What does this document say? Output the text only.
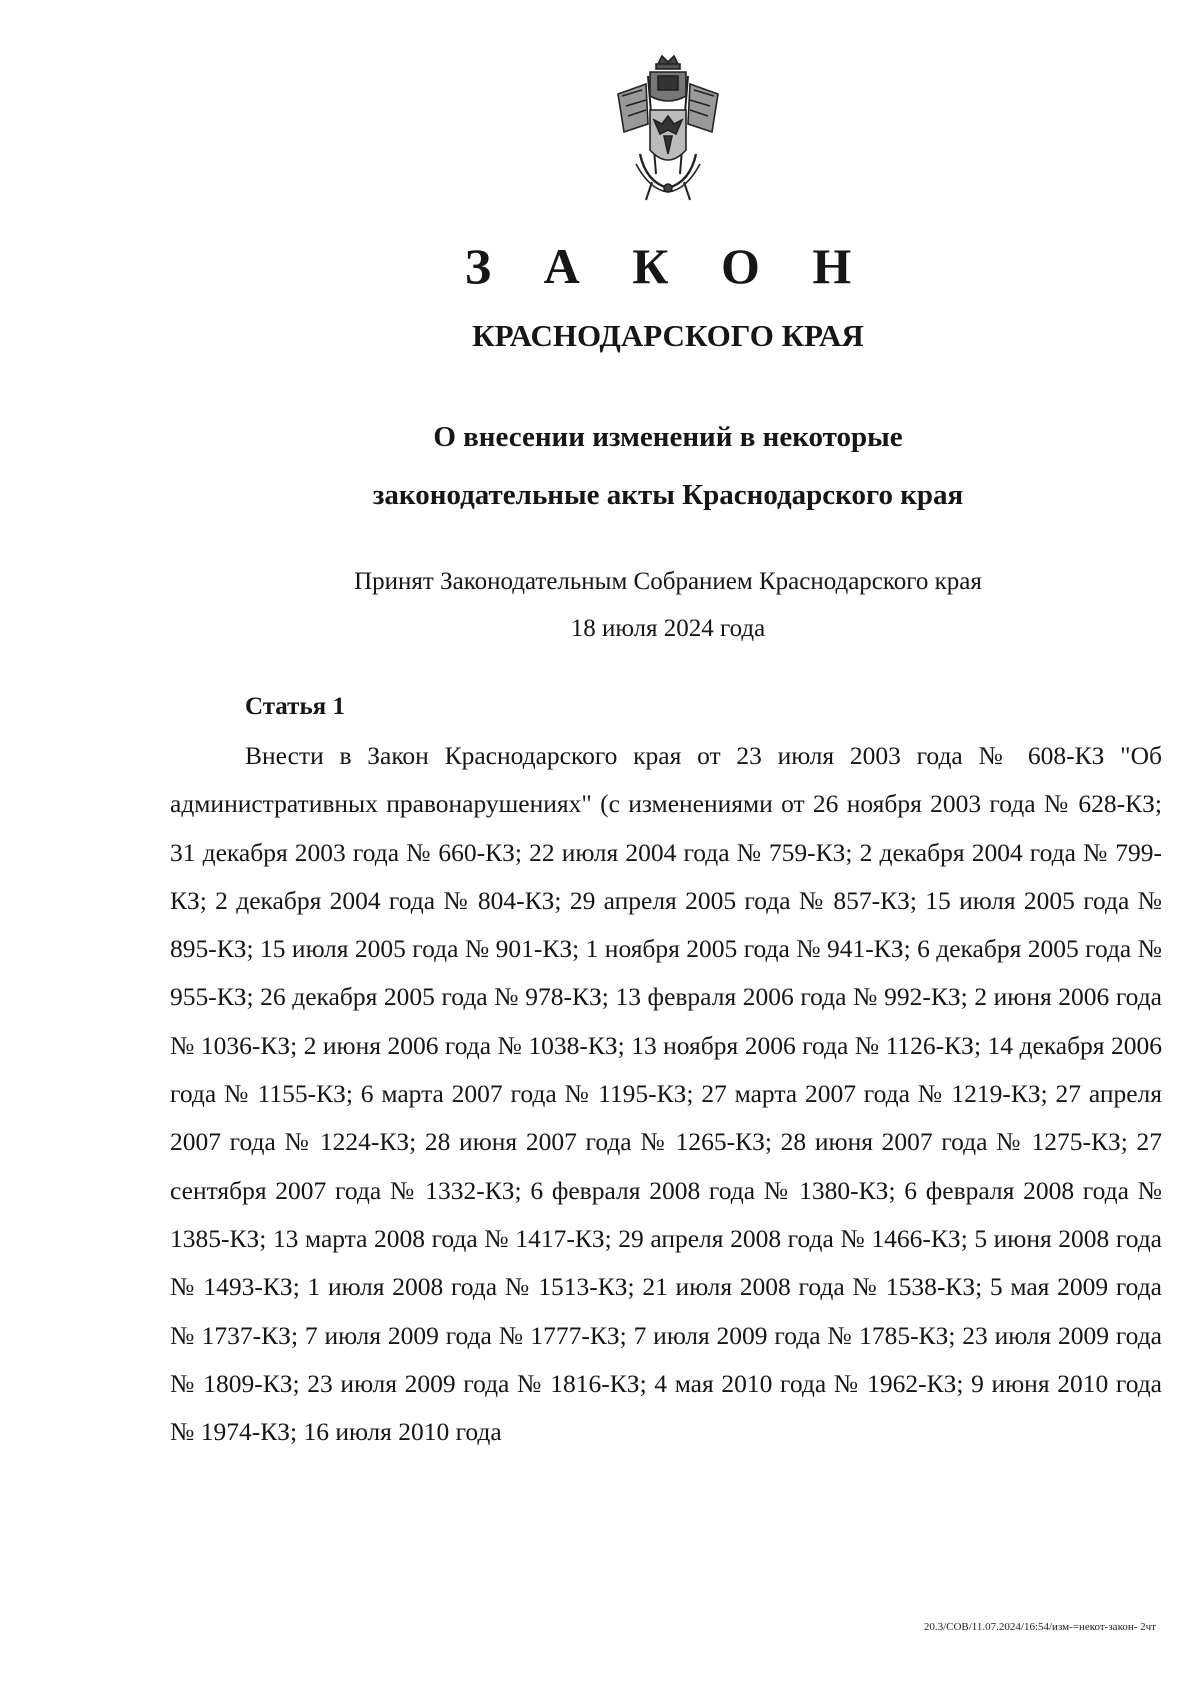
З А К О Н
КРАСНОДАРСКОГО КРАЯ
О внесении изменений в некоторые
законодательные акты Краснодарского края
Принят Законодательным Собранием Краснодарского края
18 июля 2024 года
Статья 1

Внести в Закон Краснодарского края от 23 июля 2003 года № 608-КЗ "Об административных правонарушениях" (с изменениями от 26 ноября 2003 года № 628-КЗ; 31 декабря 2003 года № 660-КЗ; 22 июля 2004 года № 759-КЗ; 2 декабря 2004 года № 799-КЗ; 2 декабря 2004 года № 804-КЗ; 29 апреля 2005 года № 857-КЗ; 15 июля 2005 года № 895-КЗ; 15 июля 2005 года № 901-КЗ; 1 ноября 2005 года № 941-КЗ; 6 декабря 2005 года № 955-КЗ; 26 декабря 2005 года № 978-КЗ; 13 февраля 2006 года № 992-КЗ; 2 июня 2006 года № 1036-КЗ; 2 июня 2006 года № 1038-КЗ; 13 ноября 2006 года № 1126-КЗ; 14 декабря 2006 года № 1155-КЗ; 6 марта 2007 года № 1195-КЗ; 27 марта 2007 года № 1219-КЗ; 27 апреля 2007 года № 1224-КЗ; 28 июня 2007 года № 1265-КЗ; 28 июня 2007 года № 1275-КЗ; 27 сентября 2007 года № 1332-КЗ; 6 февраля 2008 года № 1380-КЗ; 6 февраля 2008 года № 1385-КЗ; 13 марта 2008 года № 1417-КЗ; 29 апреля 2008 года № 1466-КЗ; 5 июня 2008 года № 1493-КЗ; 1 июля 2008 года № 1513-КЗ; 21 июля 2008 года № 1538-КЗ; 5 мая 2009 года № 1737-КЗ; 7 июля 2009 года № 1777-КЗ; 7 июля 2009 года № 1785-КЗ; 23 июля 2009 года № 1809-КЗ; 23 июля 2009 года № 1816-КЗ; 4 мая 2010 года № 1962-КЗ; 9 июня 2010 года № 1974-КЗ; 16 июля 2010 года

20.3/СОВ/11.07.2024/16:54/изм-=некот-закон- 2чт
